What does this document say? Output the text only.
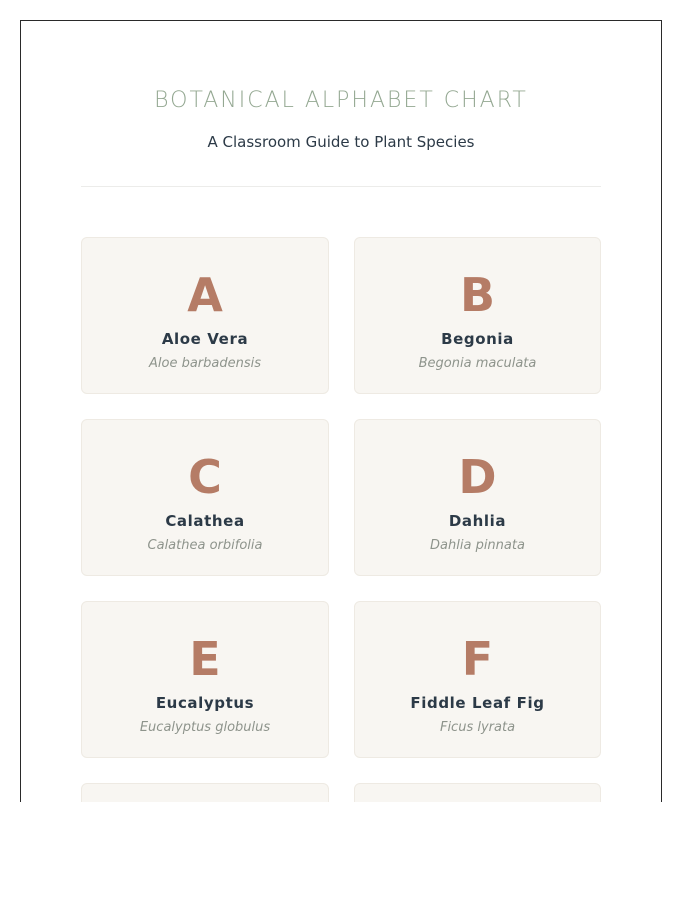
BOTANICAL ALPHABET CHART

A Classroom Guide to Plant Species

A
Aloe Vera
Aloe barbadensis
B
Begonia
Begonia maculata
C
Calathea
Calathea orbifolia
D
Dahlia
Dahlia pinnata
E
Eucalyptus
Eucalyptus globulus
F
Fiddle Leaf Fig
Ficus lyrata
